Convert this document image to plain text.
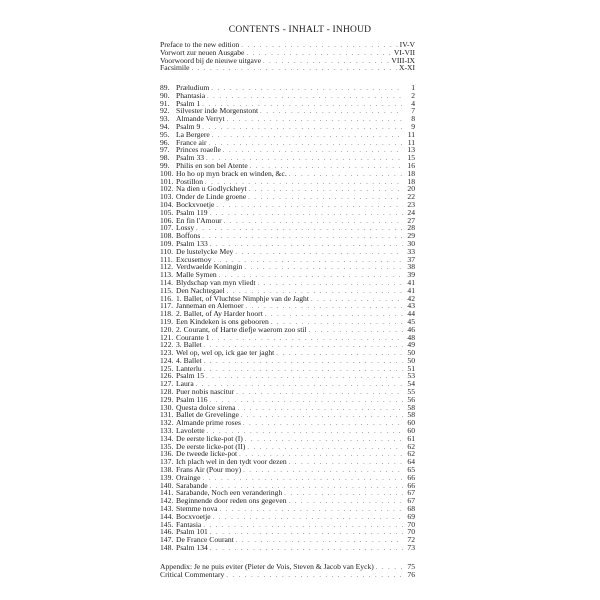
CONTENTS - INHALT - INHOUD
Preface to the new edition . . .	IV-V
Vorwort zur neuen Ausgabe . . .	VI-VII
Voorwoord bij de nieuwe uitgave . . .	VIII-IX
Facsimile . . .	X-XI
89. Præludium . . .	1
90. Phantasia . . .	2
91. Psalm 1 . . .	4
92. Silvester inde Morgenstont . . .	7
93. Almande Verryt . . .	8
94. Psalm 9 . . .	9
95. La Bergere . . .	11
96. France air . . .	11
97. Princes roaeſle . . .	13
98. Psalm 33 . . .	15
99. Philis en son bel Atente . . .	16
100. Ho ho op myn brack en winden, &c. . . .	18
101. Postillon . . .	18
102. Na dien u Godlyckheyt . . .	20
103. Onder de Linde groene . . .	22
104. Bockxvoetje . . .	23
105. Psalm 119 . . .	24
106. En fin l'Amour . . .	27
107. Lossy . . .	28
108. Boffons . . .	29
109. Psalm 133 . . .	30
110. De lustelycke Mey . . .	33
111. Excusemoy . . .	37
112. Verdwaelde Koningin . . .	38
113. Malle Symen . . .	39
114. Blydschap van myn vliedt . . .	41
115. Den Nachtegael . . .	41
116. 1. Ballet, of Vluchtse Nimphje van de Jaght . . .	42
117. Janneman en Alemoer . . .	43
118. 2. Ballet, of Ay Harder hoort . . .	44
119. Een Kindeken is ons gebooren . . .	45
120. 2. Courant, of Harte diefje waerom zoo stil . . .	46
121. Courante 1 . . .	48
122. 3. Ballet . . .	49
123. Wel op, wel op, ick gae ter jaght . . .	50
124. 4. Ballet . . .	50
125. Lanterlu . . .	51
126. Psalm 15 . . .	53
127. Laura . . .	54
128. Puer nobis nascitur . . .	55
129. Psalm 116 . . .	56
130. Questa dolce sirena . . .	58
131. Ballet de Grevelinge . . .	58
132. Almande prime roses . . .	60
133. Lavolette . . .	60
134. De eerste licke-pot (I) . . .	61
135. De eerste licke-pot (II) . . .	62
136. De tweede licke-pot . . .	62
137. Ich plach wel in den tydt voor dezen . . .	64
138. Frans Air (Pour moy) . . .	65
139. Orainge . . .	66
140. Sarabande . . .	66
141. Sarabande, Noch een veranderingh . . .	67
142. Beginnende door reden ons gegeven . . .	67
143. Stemme nova . . .	68
144. Bocxvoetje . . .	69
145. Fantasia . . .	70
146. Psalm 101 . . .	70
147. De France Courant . . .	72
148. Psalm 134 . . .	73
Appendix: Je ne puis eviter (Pieter de Vois, Steven & Jacob van Eyck) . . .	75
Critical Commentary . . .	76
